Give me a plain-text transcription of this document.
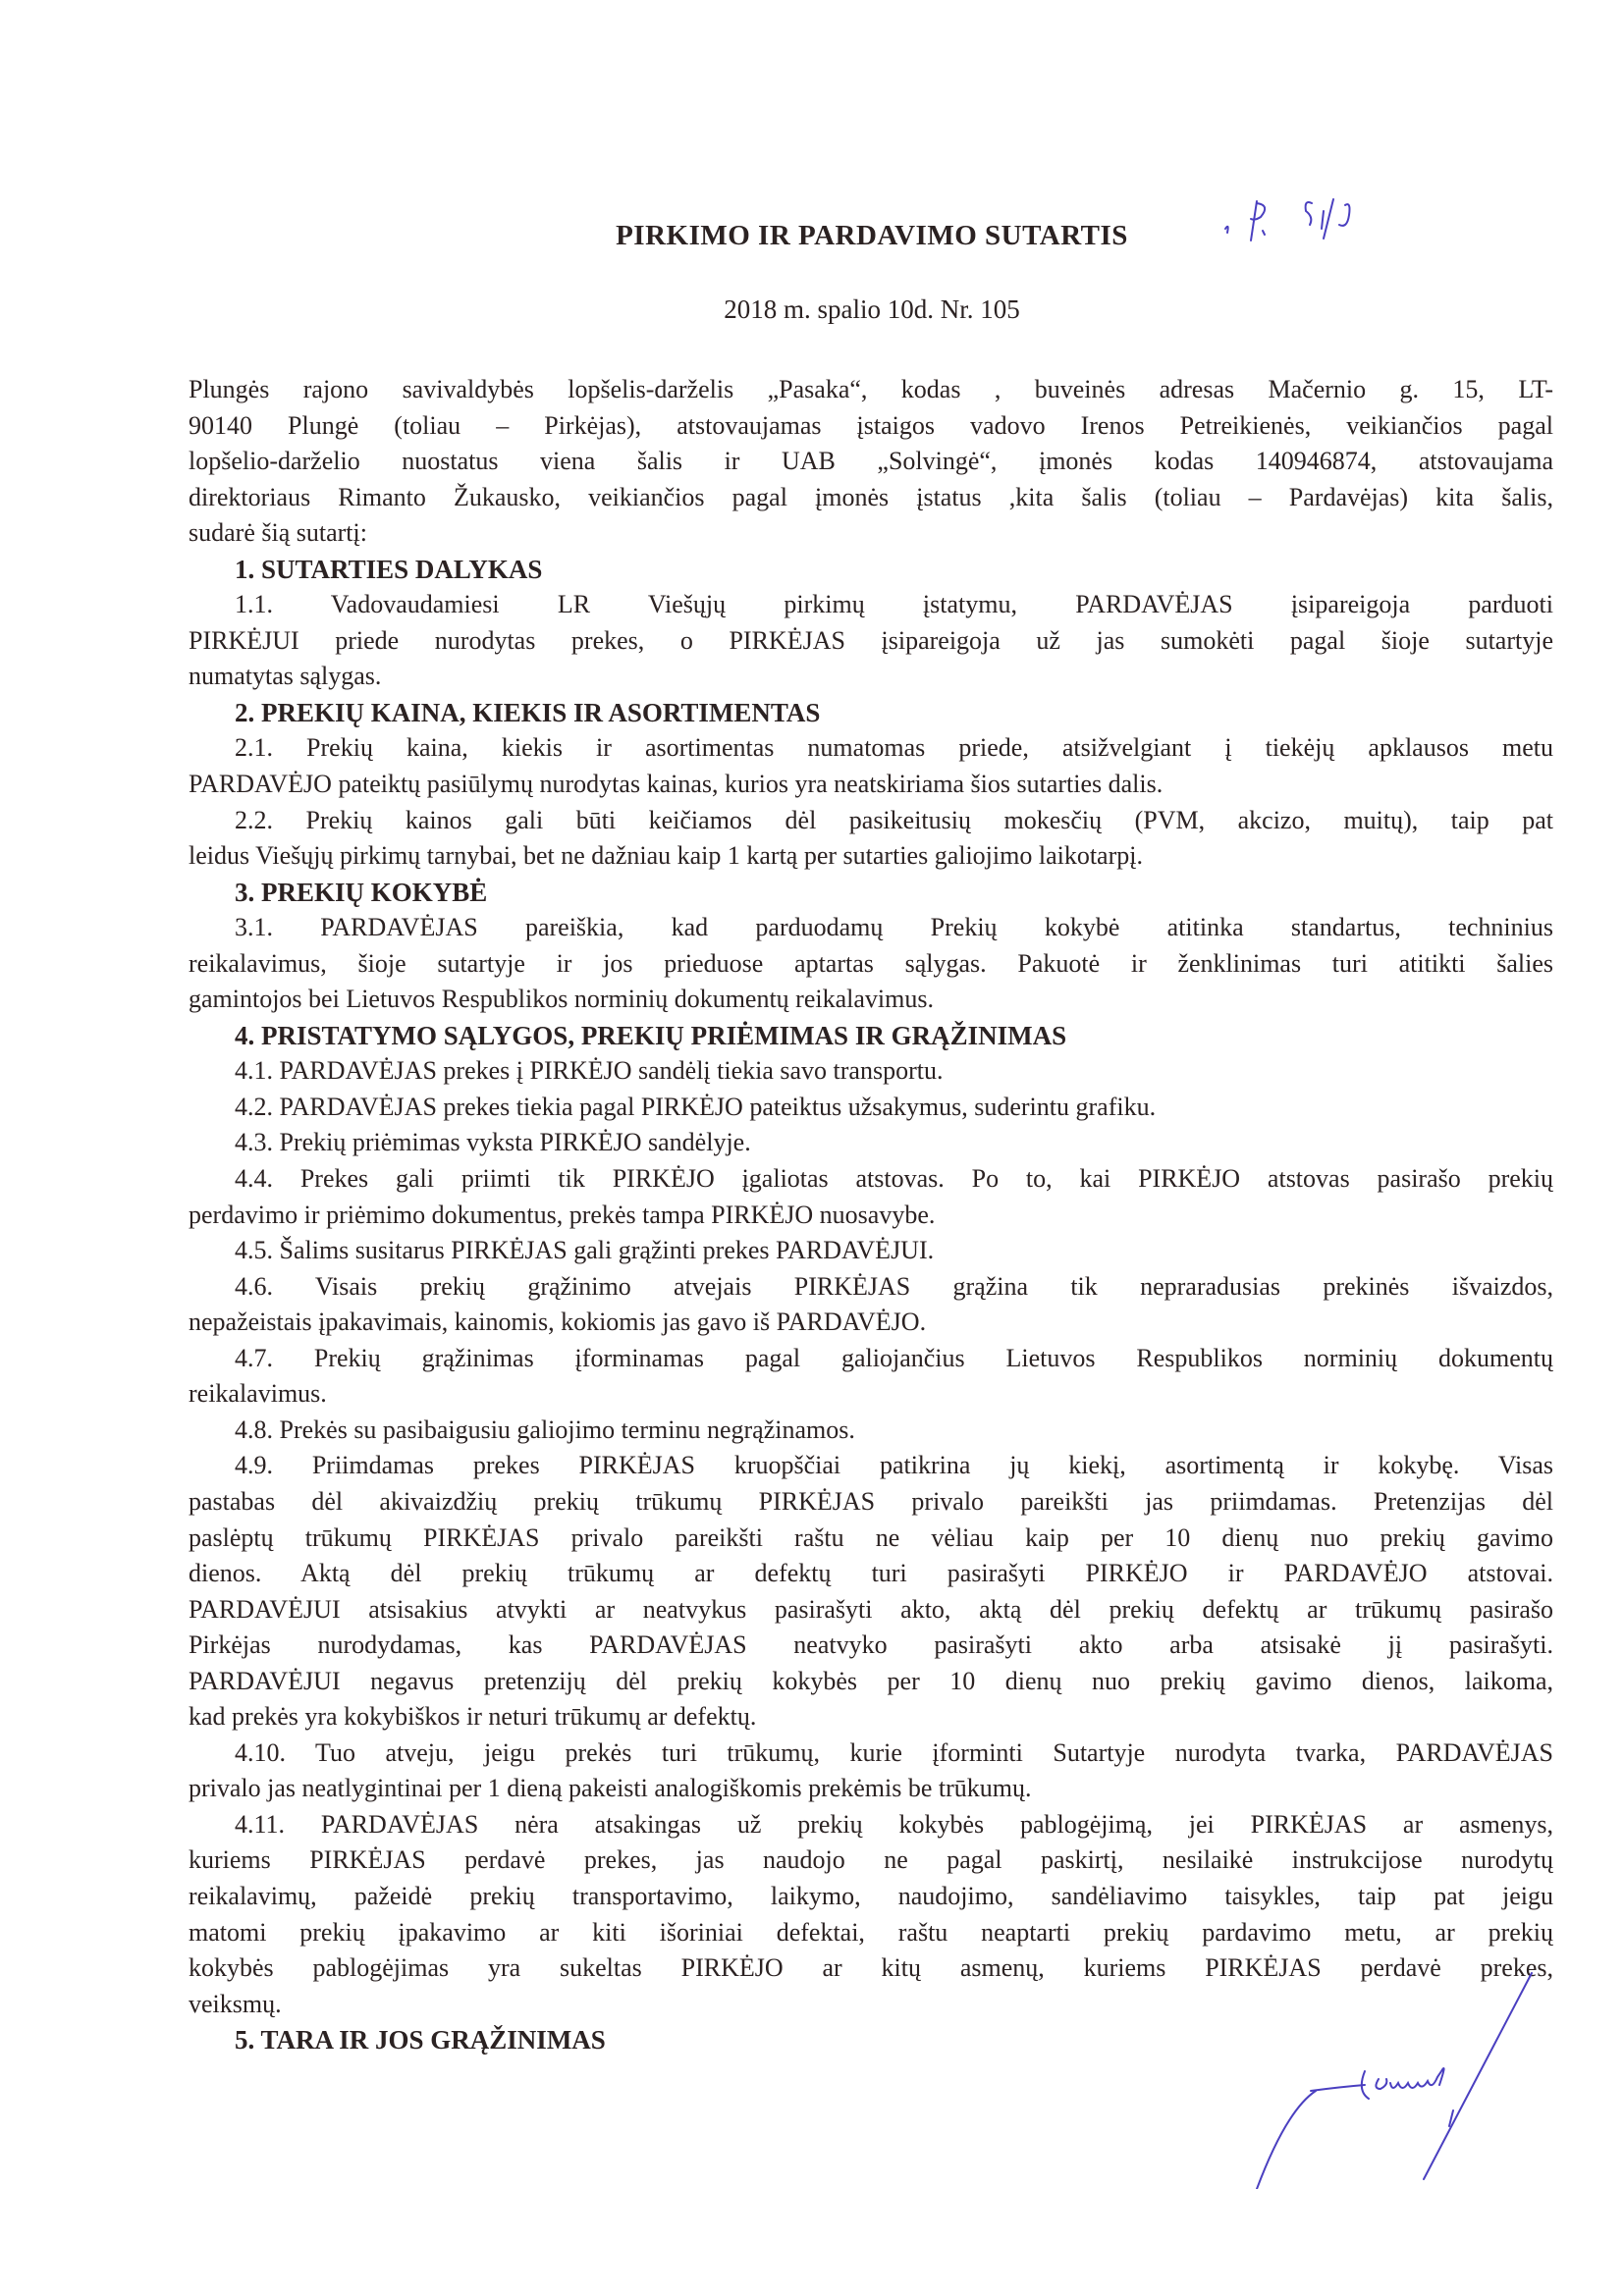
PIRKIMO IR PARDAVIMO SUTARTIS
2018 m. spalio 10d. Nr. 105
Plungės rajono savivaldybės lopšelis-darželis „Pasaka“, kodas , buveinės adresas Mačernio g. 15, LT-
90140 Plungė (toliau – Pirkėjas), atstovaujamas įstaigos vadovo Irenos Petreikienės, veikiančios pagal
lopšelio-darželio nuostatus viena šalis ir UAB „Solvingė“, įmonės kodas 140946874, atstovaujama
direktoriaus Rimanto Žukausko, veikiančios pagal įmonės įstatus ,kita šalis (toliau – Pardavėjas) kita šalis,
sudarė šią sutartį:
1. SUTARTIES DALYKAS
1.1. Vadovaudamiesi LR Viešųjų pirkimų įstatymu, PARDAVĖJAS įsipareigoja parduoti
PIRKĖJUI priede nurodytas prekes, o PIRKĖJAS įsipareigoja už jas sumokėti pagal šioje sutartyje
numatytas sąlygas.
2. PREKIŲ KAINA, KIEKIS IR ASORTIMENTAS
2.1. Prekių kaina, kiekis ir asortimentas numatomas priede, atsižvelgiant į tiekėjų apklausos metu
PARDAVĖJO pateiktų pasiūlymų nurodytas kainas, kurios yra neatskiriama šios sutarties dalis.
2.2. Prekių kainos gali būti keičiamos dėl pasikeitusių mokesčių (PVM, akcizo, muitų), taip pat
leidus Viešųjų pirkimų tarnybai, bet ne dažniau kaip 1 kartą per sutarties galiojimo laikotarpį.
3. PREKIŲ KOKYBĖ
3.1. PARDAVĖJAS pareiškia, kad parduodamų Prekių kokybė atitinka standartus, techninius
reikalavimus, šioje sutartyje ir jos prieduose aptartas sąlygas. Pakuotė ir ženklinimas turi atitikti šalies
gamintojos bei Lietuvos Respublikos norminių dokumentų reikalavimus.
4. PRISTATYMO SĄLYGOS, PREKIŲ PRIĖMIMAS IR GRĄŽINIMAS
4.1. PARDAVĖJAS prekes į PIRKĖJO sandėlį tiekia savo transportu.
4.2. PARDAVĖJAS prekes tiekia pagal PIRKĖJO pateiktus užsakymus, suderintu grafiku.
4.3. Prekių priėmimas vyksta PIRKĖJO sandėlyje.
4.4. Prekes gali priimti tik PIRKĖJO įgaliotas atstovas. Po to, kai PIRKĖJO atstovas pasirašo prekių
perdavimo ir priėmimo dokumentus, prekės tampa PIRKĖJO nuosavybe.
4.5. Šalims susitarus PIRKĖJAS gali grąžinti prekes PARDAVĖJUI.
4.6. Visais prekių grąžinimo atvejais PIRKĖJAS grąžina tik nepraradusias prekinės išvaizdos,
nepažeistais įpakavimais, kainomis, kokiomis jas gavo iš PARDAVĖJO.
4.7. Prekių grąžinimas įforminamas pagal galiojančius Lietuvos Respublikos norminių dokumentų
reikalavimus.
4.8. Prekės su pasibaigusiu galiojimo terminu negrąžinamos.
4.9. Priimdamas prekes PIRKĖJAS kruopščiai patikrina jų kiekį, asortimentą ir kokybę. Visas
pastabas dėl akivaizdžių prekių trūkumų PIRKĖJAS privalo pareikšti jas priimdamas. Pretenzijas dėl
paslėptų trūkumų PIRKĖJAS privalo pareikšti raštu ne vėliau kaip per 10 dienų nuo prekių gavimo
dienos. Aktą dėl prekių trūkumų ar defektų turi pasirašyti PIRKĖJO ir PARDAVĖJO atstovai.
PARDAVĖJUI atsisakius atvykti ar neatvykus pasirašyti akto, aktą dėl prekių defektų ar trūkumų pasirašo
Pirkėjas nurodydamas, kas PARDAVĖJAS neatvyko pasirašyti akto arba atsisakė jį pasirašyti.
PARDAVĖJUI negavus pretenzijų dėl prekių kokybės per 10 dienų nuo prekių gavimo dienos, laikoma,
kad prekės yra kokybiškos ir neturi trūkumų ar defektų.
4.10. Tuo atveju, jeigu prekės turi trūkumų, kurie įforminti Sutartyje nurodyta tvarka, PARDAVĖJAS
privalo jas neatlygintinai per 1 dieną pakeisti analogiškomis prekėmis be trūkumų.
4.11. PARDAVĖJAS nėra atsakingas už prekių kokybės pablogėjimą, jei PIRKĖJAS ar asmenys,
kuriems PIRKĖJAS perdavė prekes, jas naudojo ne pagal paskirtį, nesilaikė instrukcijose nurodytų
reikalavimų, pažeidė prekių transportavimo, laikymo, naudojimo, sandėliavimo taisykles, taip pat jeigu
matomi prekių įpakavimo ar kiti išoriniai defektai, raštu neaptarti prekių pardavimo metu, ar prekių
kokybės pablogėjimas yra sukeltas PIRKĖJO ar kitų asmenų, kuriems PIRKĖJAS perdavė prekes,
veiksmų.
5. TARA IR JOS GRĄŽINIMAS
